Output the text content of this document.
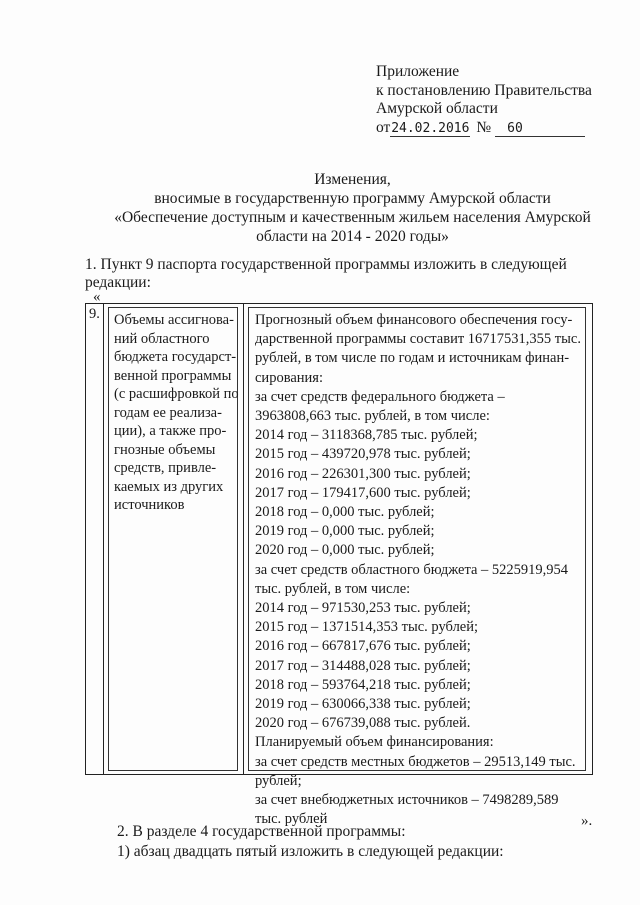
Приложение
к постановлению Правительства
Амурской области
от 24.02.2016 №	60
Изменения,
вносимые в государственную программу Амурской области
«Обеспечение доступным и качественным жильем населения Амурской
области на 2014 - 2020 годы»
1. Пункт 9 паспорта государственной программы изложить в следующей
редакции:
«
9. Объемы ассигнова-
ний областного
бюджета государст-
венной программы
(с расшифровкой по
годам ее реализа-
ции), а также про-
гнозные объемы
средств, привле-
каемых из других
источников
Прогнозный объем финансового обеспечения госу-
дарственной программы составит 16717531,355 тыс.
рублей, в том числе по годам и источникам финан-
сирования:
за счет средств федерального бюджета –
3963808,663 тыс. рублей, в том числе:
2014 год – 3118368,785 тыс. рублей;
2015 год – 439720,978 тыс. рублей;
2016 год – 226301,300 тыс. рублей;
2017 год – 179417,600 тыс. рублей;
2018 год – 0,000 тыс. рублей;
2019 год – 0,000 тыс. рублей;
2020 год – 0,000 тыс. рублей;
за счет средств областного бюджета – 5225919,954
тыс. рублей, в том числе:
2014 год – 971530,253 тыс. рублей;
2015 год – 1371514,353 тыс. рублей;
2016 год – 667817,676 тыс. рублей;
2017 год – 314488,028 тыс. рублей;
2018 год – 593764,218 тыс. рублей;
2019 год – 630066,338 тыс. рублей;
2020 год – 676739,088 тыс. рублей.
Планируемый объем финансирования:
за счет средств местных бюджетов – 29513,149 тыс.
рублей;
за счет внебюджетных источников – 7498289,589
тыс. рублей	».
2. В разделе 4 государственной программы:
1) абзац двадцать пятый изложить в следующей редакции:
